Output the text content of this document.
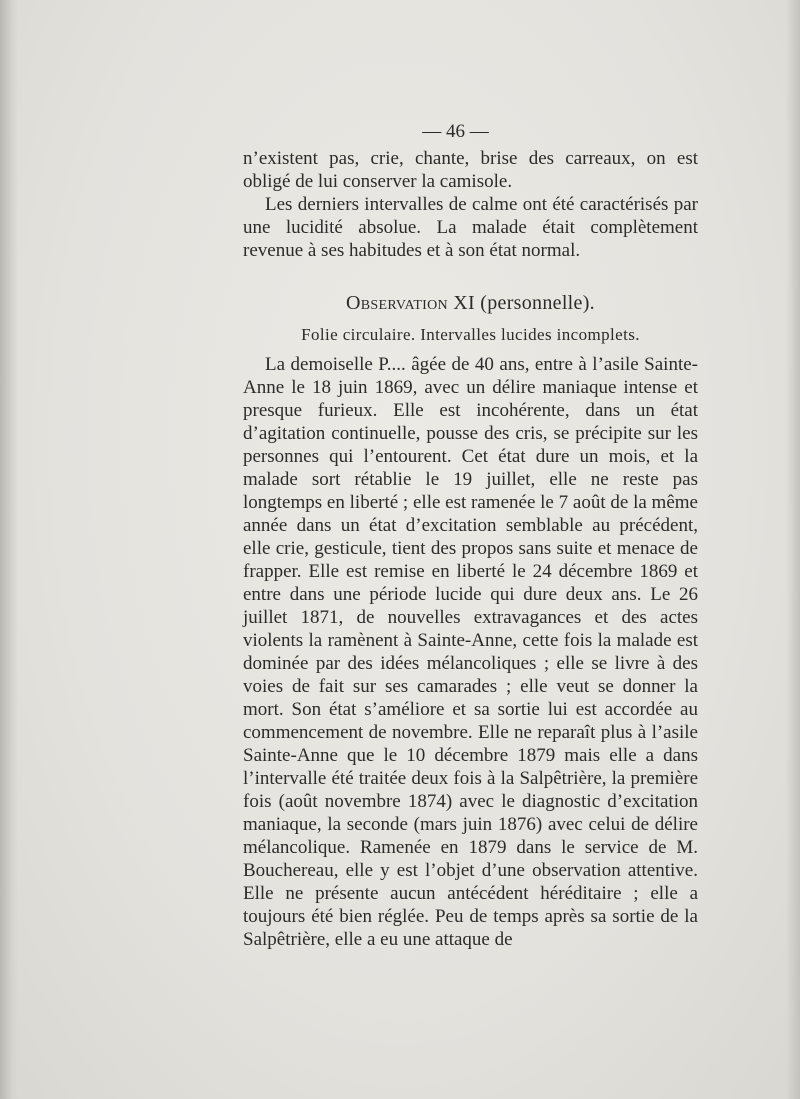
— 46 —

n’existent pas, crie, chante, brise des carreaux, on est obligé de lui conserver la camisole.

Les derniers intervalles de calme ont été caractérisés par une lucidité absolue. La malade était complètement revenue à ses habitudes et à son état normal.

Observation XI (personnelle).
Folie circulaire. Intervalles lucides incomplets.

La demoiselle P.... âgée de 40 ans, entre à l’asile Sainte-Anne le 18 juin 1869, avec un délire maniaque intense et presque furieux. Elle est incohérente, dans un état d’agitation continuelle, pousse des cris, se précipite sur les personnes qui l’entourent. Cet état dure un mois, et la malade sort rétablie le 19 juillet, elle ne reste pas longtemps en liberté ; elle est ramenée le 7 août de la même année dans un état d’excitation semblable au précédent, elle crie, gesticule, tient des propos sans suite et menace de frapper. Elle est remise en liberté le 24 décembre 1869 et entre dans une période lucide qui dure deux ans. Le 26 juillet 1871, de nouvelles extravagances et des actes violents la ramènent à Sainte-Anne, cette fois la malade est dominée par des idées mélancoliques ; elle se livre à des voies de fait sur ses camarades ; elle veut se donner la mort. Son état s’améliore et sa sortie lui est accordée au commencement de novembre. Elle ne reparaît plus à l’asile Sainte-Anne que le 10 décembre 1879 mais elle a dans l’intervalle été traitée deux fois à la Salpêtrière, la première fois (août novembre 1874) avec le diagnostic d’excitation maniaque, la seconde (mars juin 1876) avec celui de délire mélancolique. Ramenée en 1879 dans le service de M. Bouchereau, elle y est l’objet d’une observation attentive. Elle ne présente aucun antécédent héréditaire ; elle a toujours été bien réglée. Peu de temps après sa sortie de la Salpêtrière, elle a eu une attaque de
